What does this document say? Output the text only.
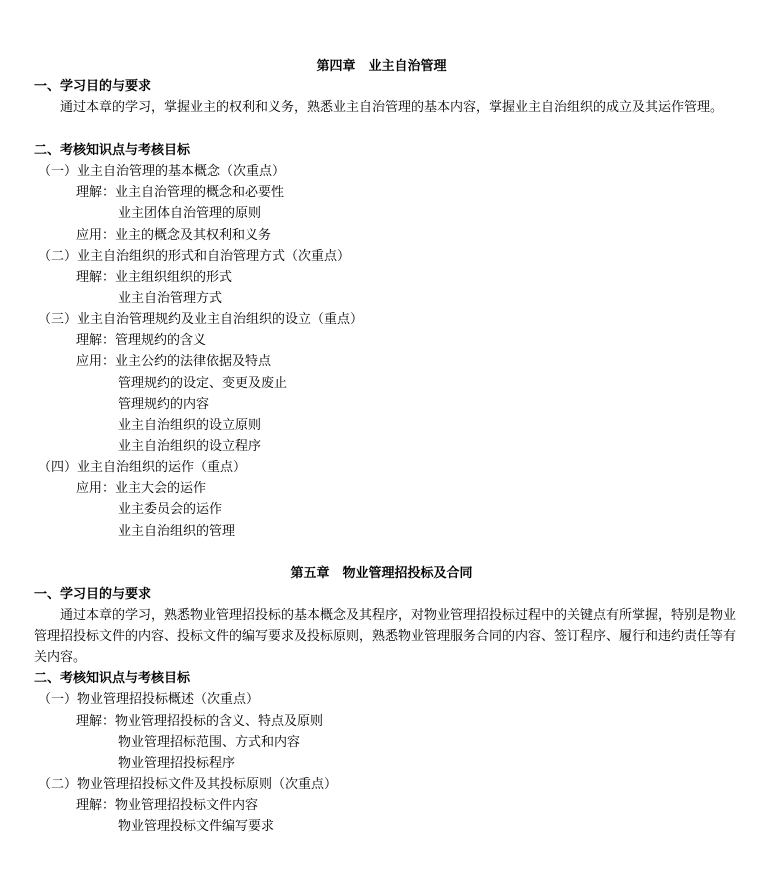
第四章　业主自治管理
一、学习目的与要求
通过本章的学习，掌握业主的权利和义务，熟悉业主自治管理的基本内容，掌握业主自治组织的成立及其运作管理。
二、考核知识点与考核目标
（一）业主自治管理的基本概念（次重点）
理解：业主自治管理的概念和必要性
业主团体自治管理的原则
应用：业主的概念及其权利和义务
（二）业主自治组织的形式和自治管理方式（次重点）
理解：业主组织组织的形式
业主自治管理方式
（三）业主自治管理规约及业主自治组织的设立（重点）
理解：管理规约的含义
应用：业主公约的法律依据及特点
管理规约的设定、变更及废止
管理规约的内容
业主自治组织的设立原则
业主自治组织的设立程序
（四）业主自治组织的运作（重点）
应用：业主大会的运作
业主委员会的运作
业主自治组织的管理
第五章　物业管理招投标及合同
一、学习目的与要求
通过本章的学习，熟悉物业管理招投标的基本概念及其程序，对物业管理招投标过程中的关键点有所掌握，特别是物业管理招投标文件的内容、投标文件的编写要求及投标原则，熟悉物业管理服务合同的内容、签订程序、履行和违约责任等有关内容。
二、考核知识点与考核目标
（一）物业管理招投标概述（次重点）
理解：物业管理招投标的含义、特点及原则
物业管理招标范围、方式和内容
物业管理招投标程序
（二）物业管理招投标文件及其投标原则（次重点）
理解：物业管理招投标文件内容
物业管理投标文件编写要求
